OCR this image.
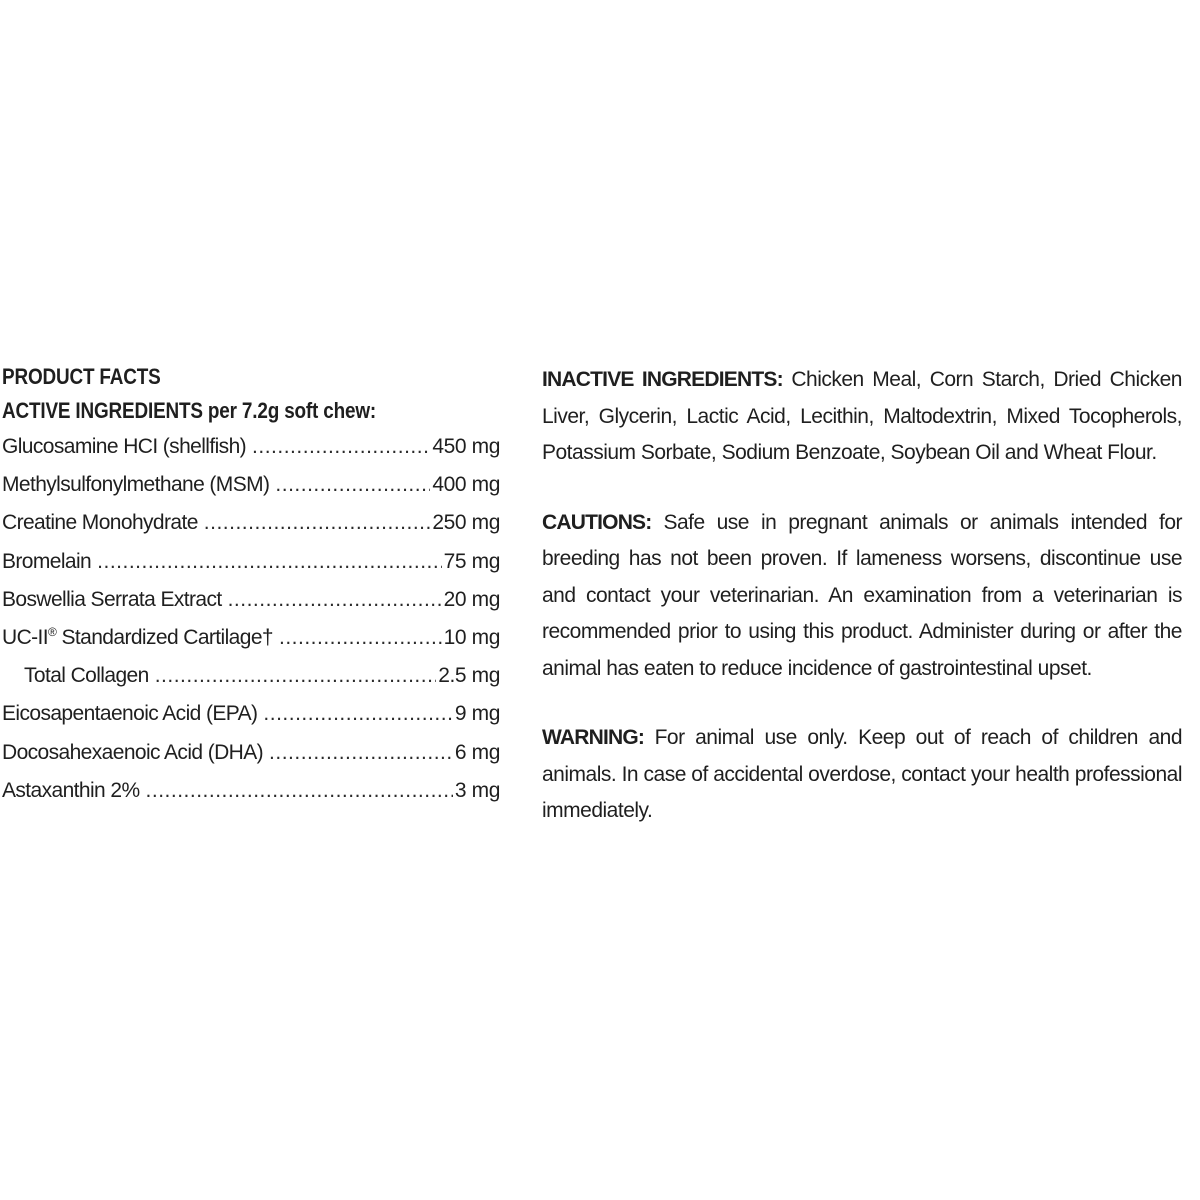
PRODUCT FACTS
ACTIVE INGREDIENTS per 7.2g soft chew:
Glucosamine HCI (shellfish) .....	450 mg
Methylsulfonylmethane (MSM) .....	400 mg
Creatine Monohydrate .....	250 mg
Bromelain .....	75 mg
Boswellia Serrata Extract .....	20 mg
UC-II® Standardized Cartilage† .....	10 mg
Total Collagen .....	2.5 mg
Eicosapentaenoic Acid (EPA) .....	9 mg
Docosahexaenoic Acid (DHA) .....	6 mg
Astaxanthin 2% .....	3 mg

INACTIVE INGREDIENTS: Chicken Meal, Corn Starch, Dried Chicken Liver, Glycerin, Lactic Acid, Lecithin, Maltodextrin, Mixed Tocopherols, Potassium Sorbate, Sodium Benzoate, Soybean Oil and Wheat Flour.

CAUTIONS: Safe use in pregnant animals or animals intended for breeding has not been proven. If lameness worsens, discontinue use and contact your veterinarian. An examination from a veterinarian is recommended prior to using this product. Administer during or after the animal has eaten to reduce incidence of gastrointestinal upset.

WARNING: For animal use only. Keep out of reach of children and animals. In case of accidental overdose, contact your health professional immediately.
